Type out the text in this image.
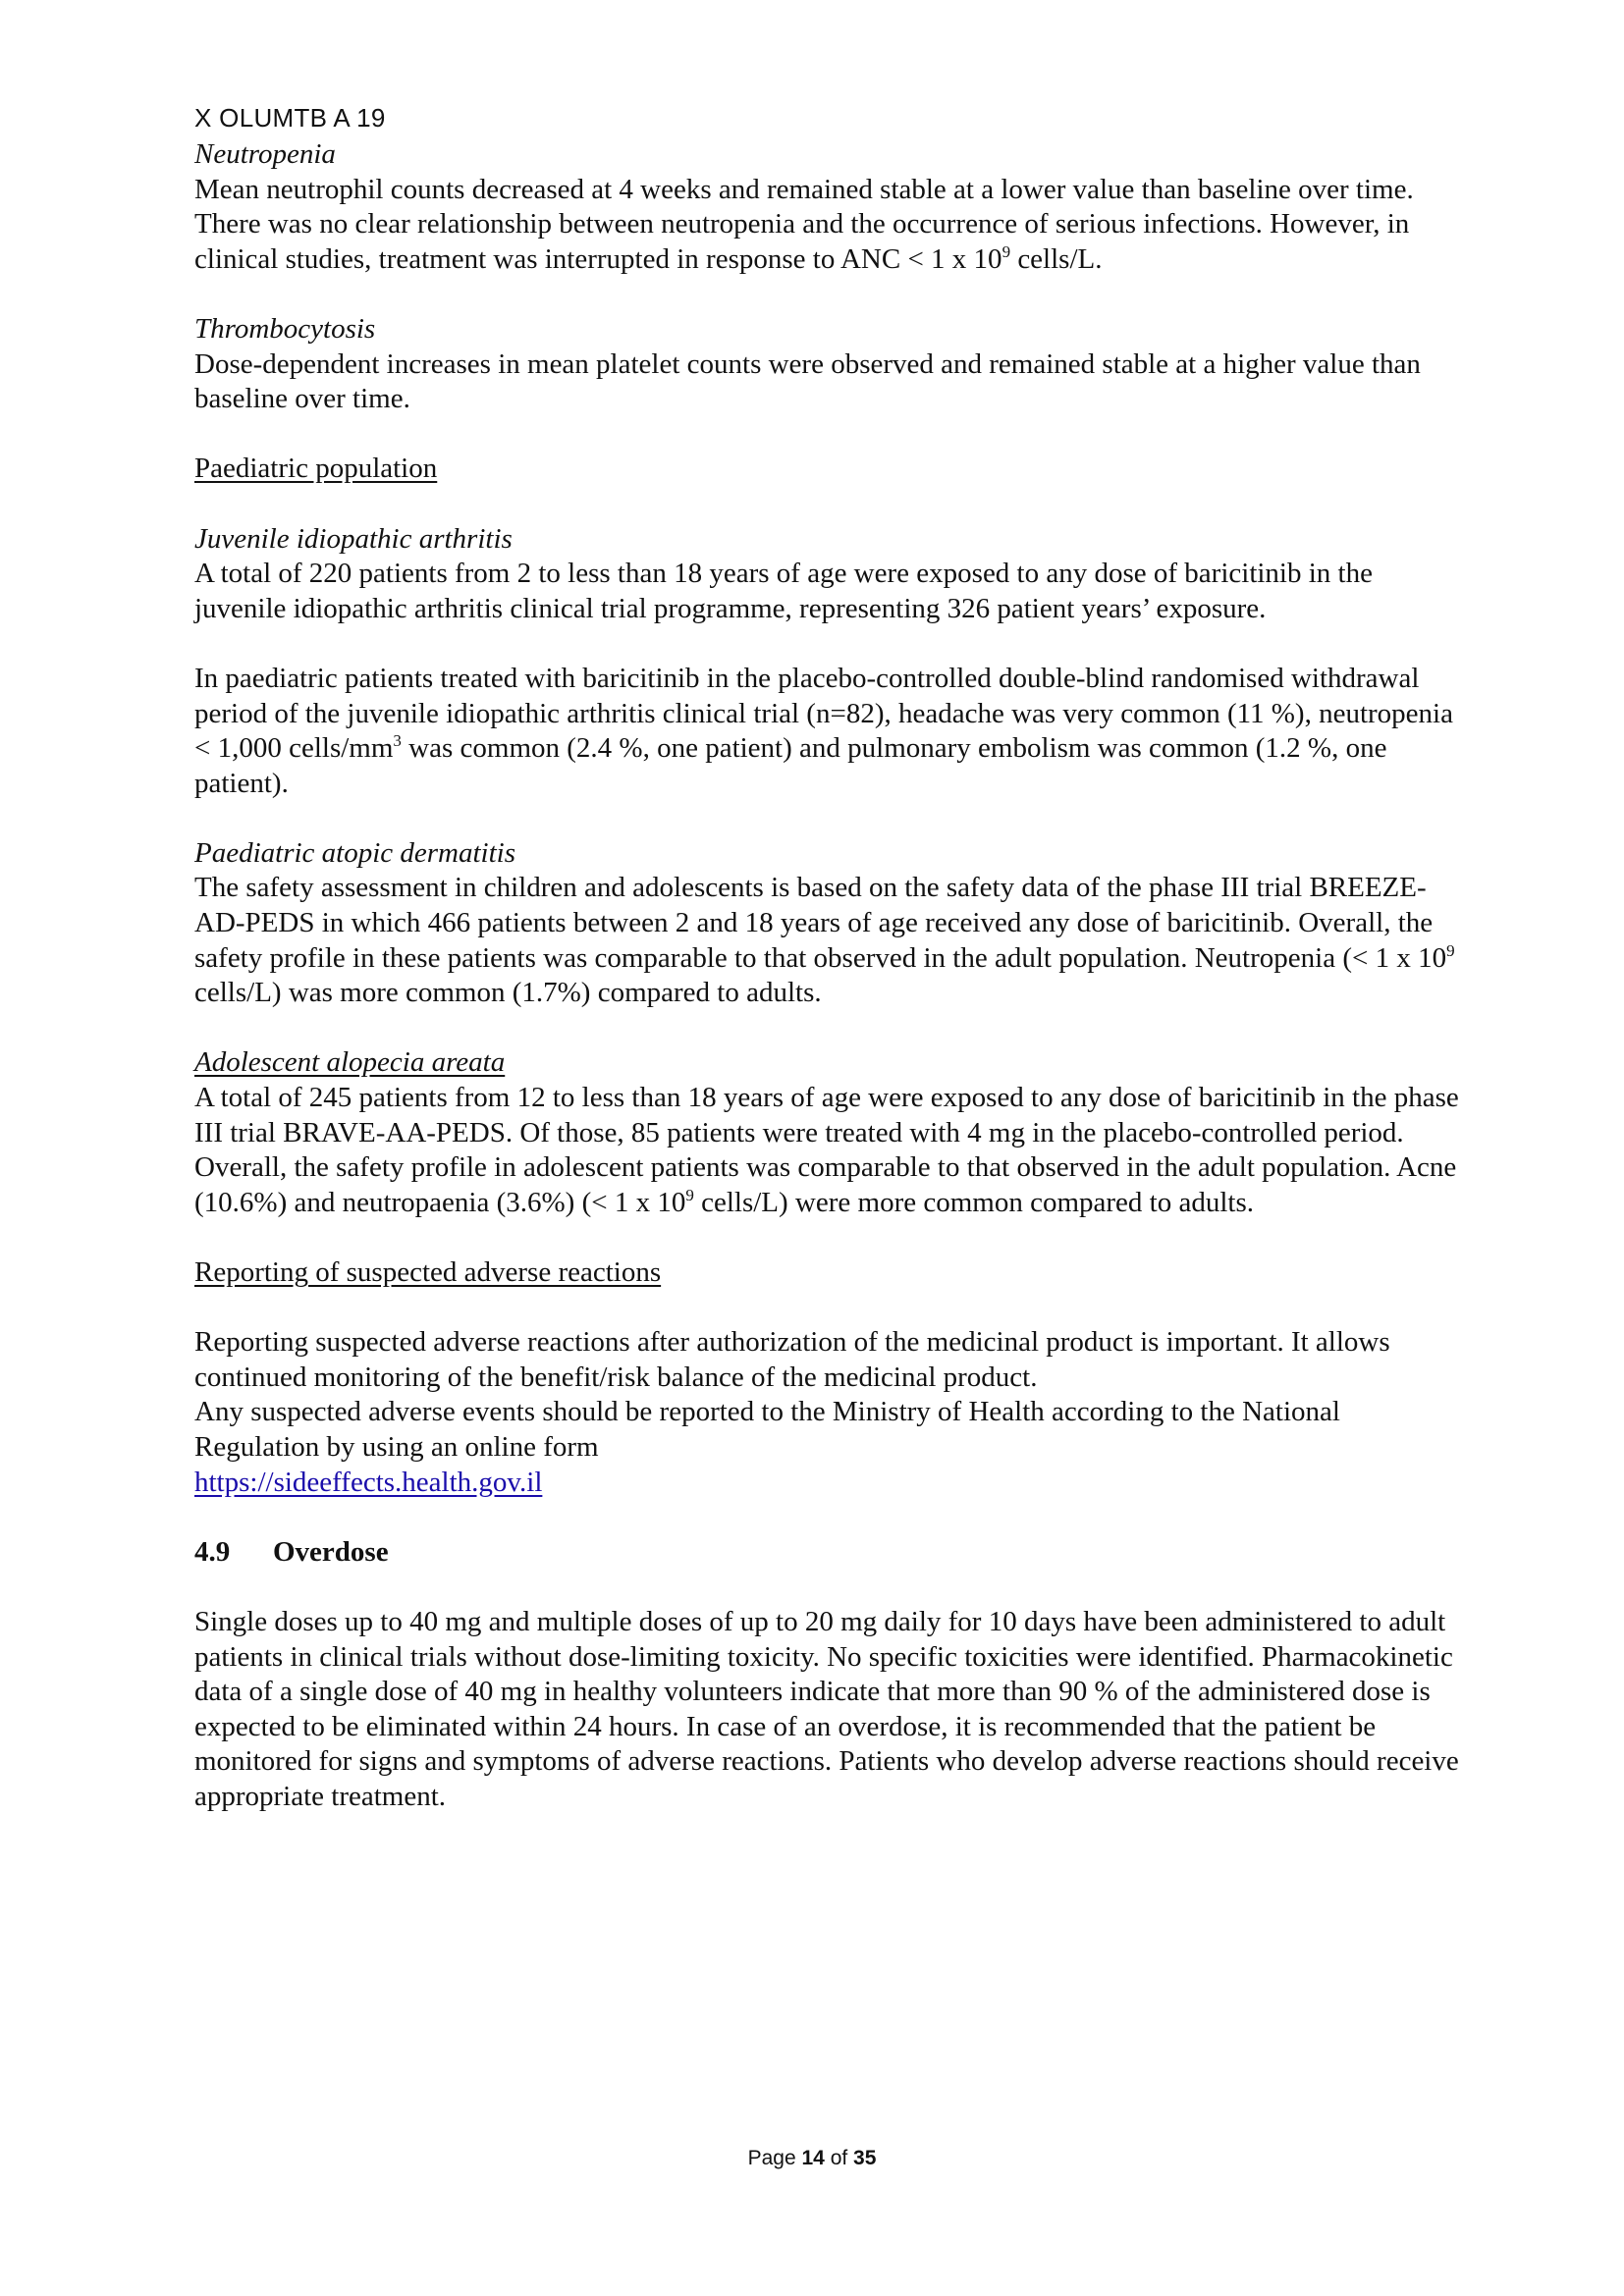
X OLUMTB A 19

Neutropenia

Mean neutrophil counts decreased at 4 weeks and remained stable at a lower value than baseline over time. There was no clear relationship between neutropenia and the occurrence of serious infections. However, in clinical studies, treatment was interrupted in response to ANC < 1 x $10^9$ cells/L.

Thrombocytosis

Dose-dependent increases in mean platelet counts were observed and remained stable at a higher value than baseline over time.

Paediatric population

Juvenile idiopathic arthritis

A total of 220 patients from 2 to less than 18 years of age were exposed to any dose of baricitinib in the juvenile idiopathic arthritis clinical trial programme, representing 326 patient years’ exposure.

In paediatric patients treated with baricitinib in the placebo-controlled double-blind randomised withdrawal period of the juvenile idiopathic arthritis clinical trial (n=82), headache was very common (11 %), neutropenia < 1,000 cells/$mm^3$ was common (2.4 %, one patient) and pulmonary embolism was common (1.2 %, one patient).

Paediatric atopic dermatitis

The safety assessment in children and adolescents is based on the safety data of the phase III trial BREEZE-AD-PEDS in which 466 patients between 2 and 18 years of age received any dose of baricitinib. Overall, the safety profile in these patients was comparable to that observed in the adult population. Neutropenia (< 1 x $10^9$ cells/L) was more common (1.7%) compared to adults.

Adolescent alopecia areata

A total of 245 patients from 12 to less than 18 years of age were exposed to any dose of baricitinib in the phase III trial BRAVE-AA-PEDS. Of those, 85 patients were treated with 4 mg in the placebo-controlled period. Overall, the safety profile in adolescent patients was comparable to that observed in the adult population. Acne (10.6%) and neutropaenia (3.6%) (< 1 x $10^9$ cells/L) were more common compared to adults.

Reporting of suspected adverse reactions

Reporting suspected adverse reactions after authorization of the medicinal product is important. It allows continued monitoring of the benefit/risk balance of the medicinal product.

Any suspected adverse events should be reported to the Ministry of Health according to the National Regulation by using an online form

https://sideeffects.health.gov.il

4.9 Overdose

Single doses up to 40 mg and multiple doses of up to 20 mg daily for 10 days have been administered to adult patients in clinical trials without dose-limiting toxicity. No specific toxicities were identified. Pharmacokinetic data of a single dose of 40 mg in healthy volunteers indicate that more than 90 % of the administered dose is expected to be eliminated within 24 hours. In case of an overdose, it is recommended that the patient be monitored for signs and symptoms of adverse reactions. Patients who develop adverse reactions should receive appropriate treatment.

Page 14 of 35
